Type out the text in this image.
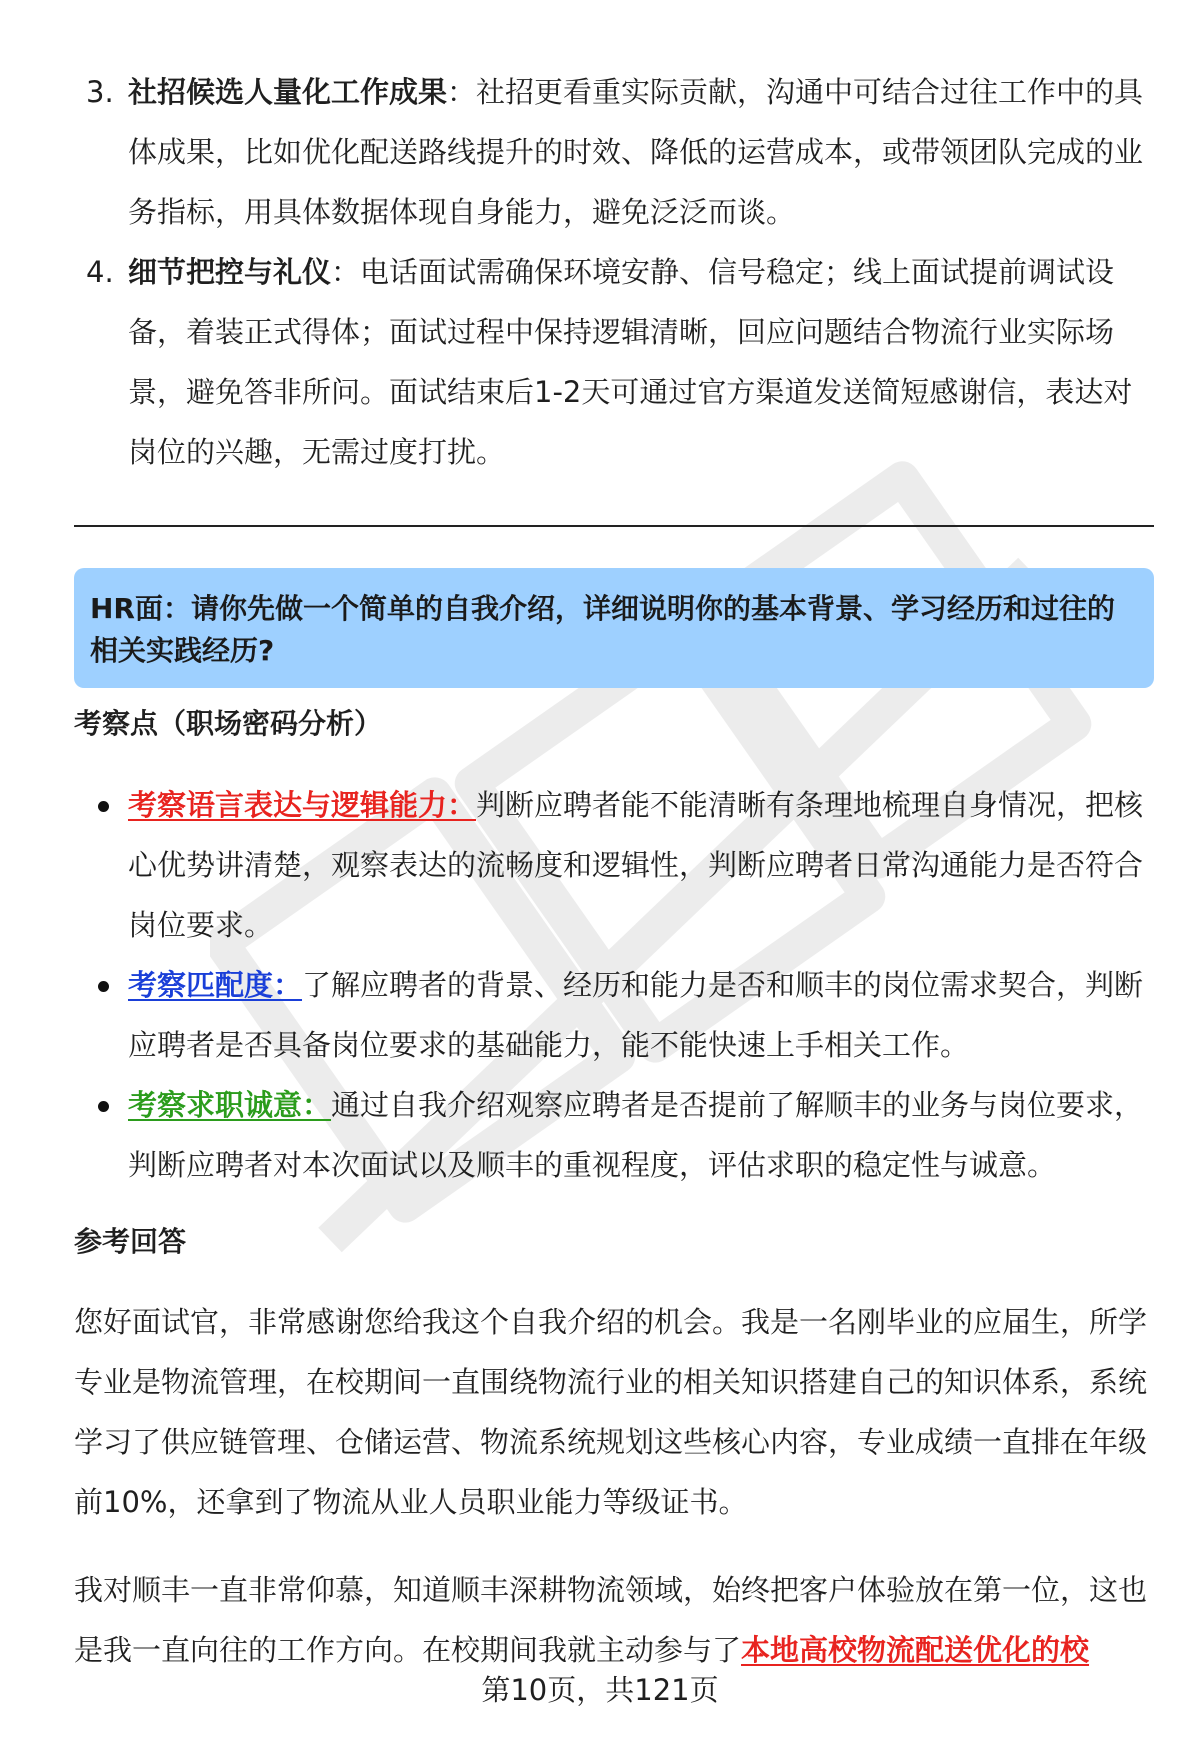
3. 社招候选人量化工作成果：社招更看重实际贡献，沟通中可结合过往工作中的具体成果，比如优化配送路线提升的时效、降低的运营成本，或带领团队完成的业务指标，用具体数据体现自身能力，避免泛泛而谈。
4. 细节把控与礼仪：电话面试需确保环境安静、信号稳定；线上面试提前调试设备，着装正式得体；面试过程中保持逻辑清晰，回应问题结合物流行业实际场景，避免答非所问。面试结束后1-2天可通过官方渠道发送简短感谢信，表达对岗位的兴趣，无需过度打扰。
HR面：请你先做一个简单的自我介绍，详细说明你的基本背景、学习经历和过往的相关实践经历?
考察点（职场密码分析）
考察语言表达与逻辑能力：判断应聘者能不能清晰有条理地梳理自身情况，把核心优势讲清楚，观察表达的流畅度和逻辑性，判断应聘者日常沟通能力是否符合岗位要求。
考察匹配度：了解应聘者的背景、经历和能力是否和顺丰的岗位需求契合，判断应聘者是否具备岗位要求的基础能力，能不能快速上手相关工作。
考察求职诚意：通过自我介绍观察应聘者是否提前了解顺丰的业务与岗位要求，判断应聘者对本次面试以及顺丰的重视程度，评估求职的稳定性与诚意。
参考回答
您好面试官，非常感谢您给我这个自我介绍的机会。我是一名刚毕业的应届生，所学专业是物流管理，在校期间一直围绕物流行业的相关知识搭建自己的知识体系，系统学习了供应链管理、仓储运营、物流系统规划这些核心内容，专业成绩一直排在年级前10%，还拿到了物流从业人员职业能力等级证书。
我对顺丰一直非常仰慕，知道顺丰深耕物流领域，始终把客户体验放在第一位，这也是我一直向往的工作方向。在校期间我就主动参与了本地高校物流配送优化的校
第10页，共121页
